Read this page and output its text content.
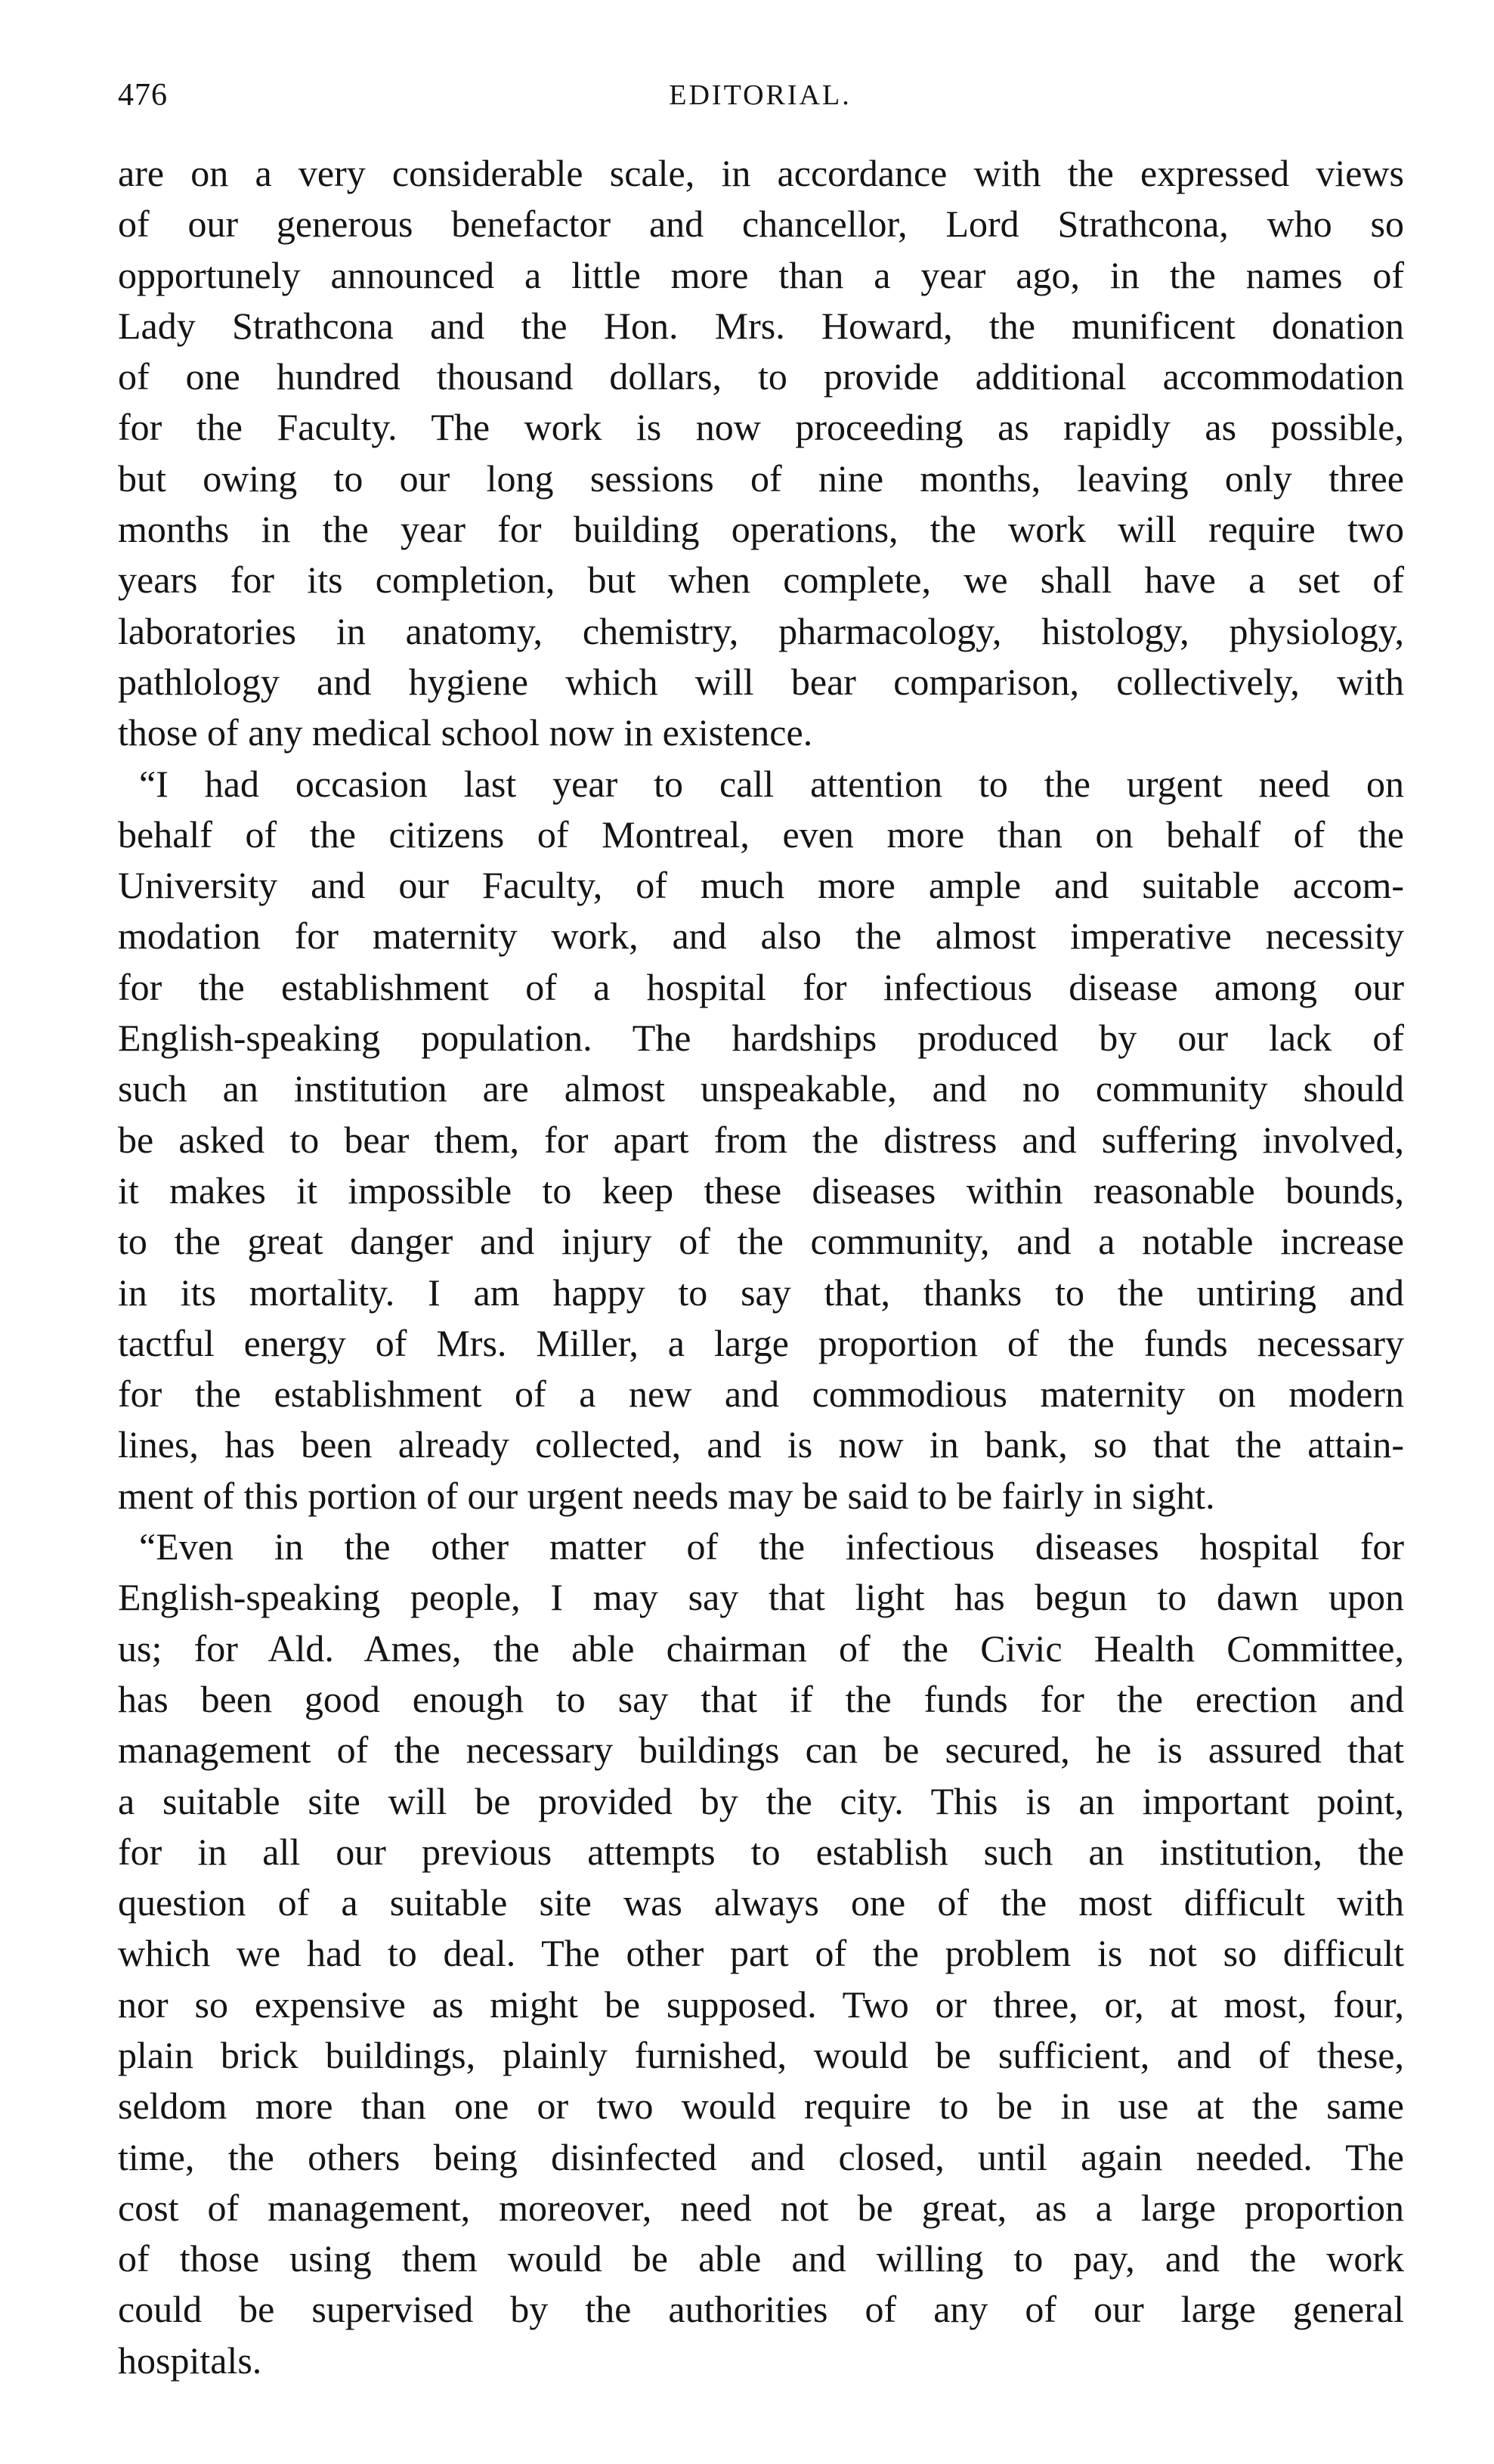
476	EDITORIAL.
are on a very considerable scale, in accordance with the expressed views
of our generous benefactor and chancellor, Lord Strathcona, who so
opportunely announced a little more than a year ago, in the names of
Lady Strathcona and the Hon. Mrs. Howard, the munificent donation
of one hundred thousand dollars, to provide additional accommodation
for the Faculty. The work is now proceeding as rapidly as possible,
but owing to our long sessions of nine months, leaving only three
months in the year for building operations, the work will require two
years for its completion, but when complete, we shall have a set of
laboratories in anatomy, chemistry, pharmacology, histology, physiology,
pathlology and hygiene which will bear comparison, collectively, with
those of any medical school now in existence.
“I had occasion last year to call attention to the urgent need on
behalf of the citizens of Montreal, even more than on behalf of the
University and our Faculty, of much more ample and suitable accom-
modation for maternity work, and also the almost imperative necessity
for the establishment of a hospital for infectious disease among our
English-speaking population. The hardships produced by our lack of
such an institution are almost unspeakable, and no community should
be asked to bear them, for apart from the distress and suffering involved,
it makes it impossible to keep these diseases within reasonable bounds,
to the great danger and injury of the community, and a notable increase
in its mortality. I am happy to say that, thanks to the untiring and
tactful energy of Mrs. Miller, a large proportion of the funds necessary
for the establishment of a new and commodious maternity on modern
lines, has been already collected, and is now in bank, so that the attain-
ment of this portion of our urgent needs may be said to be fairly in sight.
“Even in the other matter of the infectious diseases hospital for
English-speaking people, I may say that light has begun to dawn upon
us; for Ald. Ames, the able chairman of the Civic Health Committee,
has been good enough to say that if the funds for the erection and
management of the necessary buildings can be secured, he is assured that
a suitable site will be provided by the city. This is an important point,
for in all our previous attempts to establish such an institution, the
question of a suitable site was always one of the most difficult with
which we had to deal. The other part of the problem is not so difficult
nor so expensive as might be supposed. Two or three, or, at most, four,
plain brick buildings, plainly furnished, would be sufficient, and of these,
seldom more than one or two would require to be in use at the same
time, the others being disinfected and closed, until again needed. The
cost of management, moreover, need not be great, as a large proportion
of those using them would be able and willing to pay, and the work
could be supervised by the authorities of any of our large general
hospitals.
